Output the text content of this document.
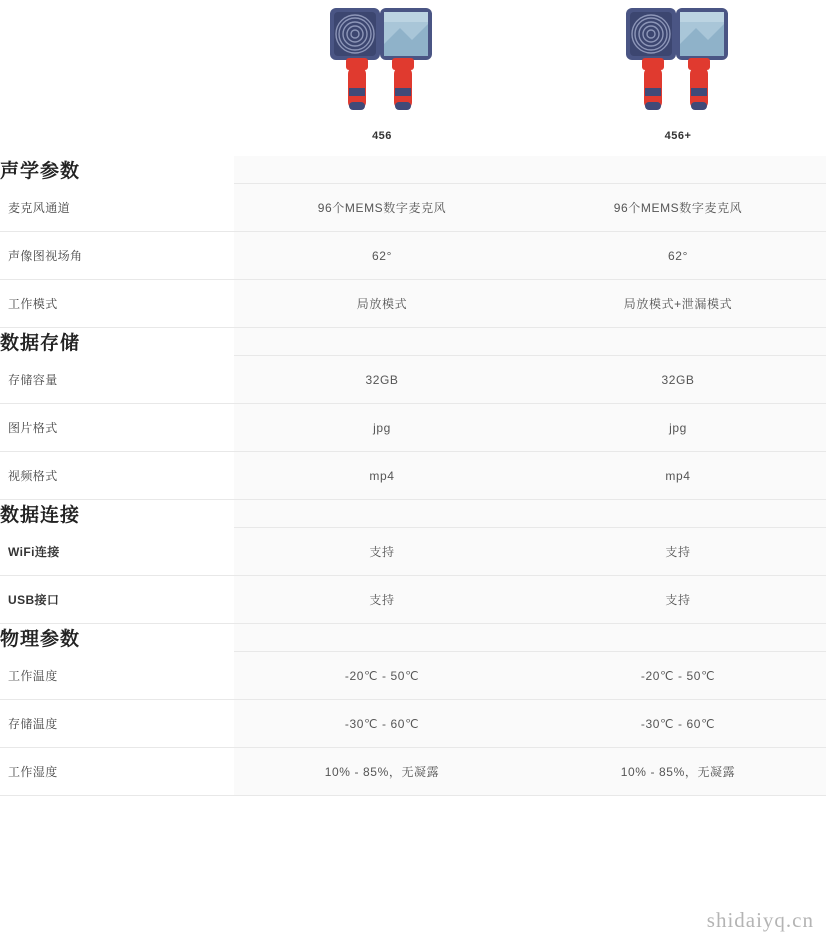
	456	456+

声学参数		
麦克风通道	96个MEMS数字麦克风	96个MEMS数字麦克风
声像图视场角	62°	62°
工作模式	局放模式	局放模式+泄漏模式
数据存储		
存储容量	32GB	32GB
图片格式	jpg	jpg
视频格式	mp4	mp4
数据连接		
WiFi连接	支持	支持
USB接口	支持	支持
物理参数		
工作温度	-20℃ - 50℃	-20℃ - 50℃
存储温度	-30℃ - 60℃	-30℃ - 60℃
工作湿度	10% - 85%，无凝露	10% - 85%，无凝露
shidaiyq.cn
